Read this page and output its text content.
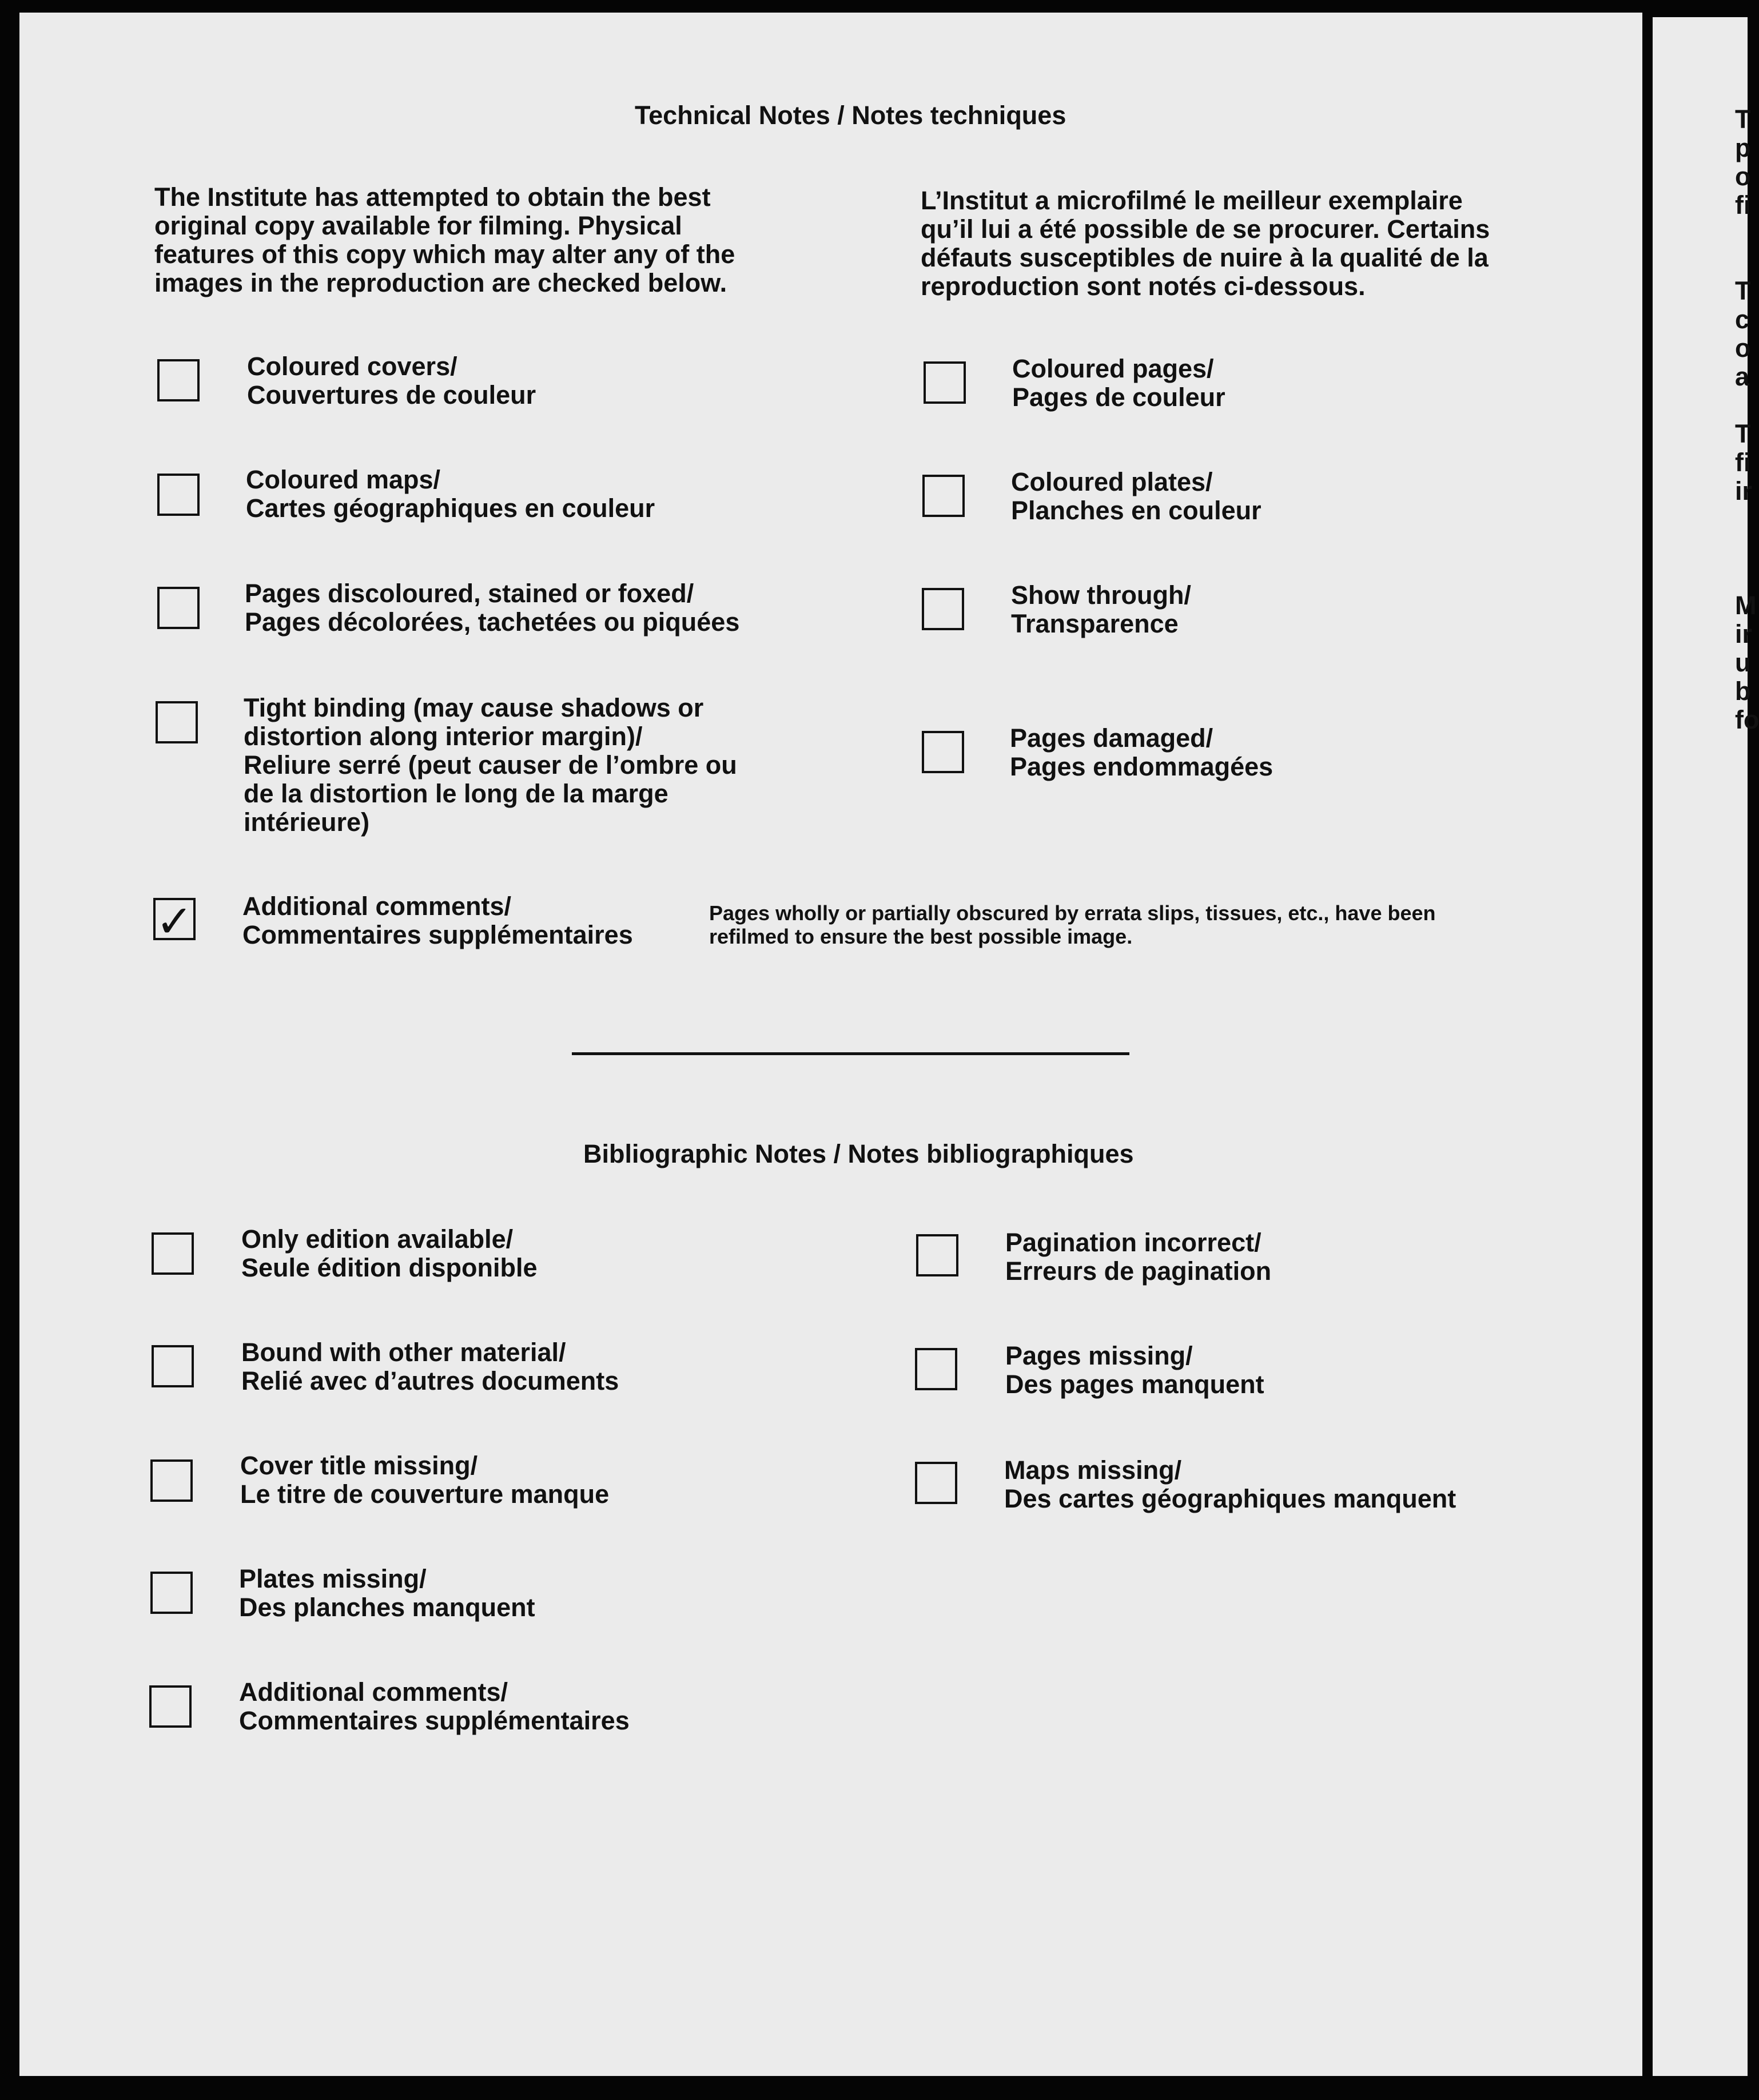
Technical Notes / Notes techniques
The Institute has attempted to obtain the best
original copy available for filming. Physical
features of this copy which may alter any of the
images in the reproduction are checked below.
L’Institut a microfilmé le meilleur exemplaire
qu’il lui a été possible de se procurer. Certains
défauts susceptibles de nuire à la qualité de la
reproduction sont notés ci-dessous.
Coloured covers/
Couvertures de couleur
Coloured pages/
Pages de couleur
Coloured maps/
Cartes géographiques en couleur
Coloured plates/
Planches en couleur
Pages discoloured, stained or foxed/
Pages décolorées, tachetées ou piquées
Show through/
Transparence
Tight binding (may cause shadows or
distortion along interior margin)/
Reliure serré (peut causer de l’ombre ou
de la distortion le long de la marge
intérieure)
Pages damaged/
Pages endommagées
✓ Additional comments/
Commentaires supplémentaires
Pages wholly or partially obscured by errata slips, tissues, etc., have been
refilmed to ensure the best possible image.
Bibliographic Notes / Notes bibliographiques
Only edition available/
Seule édition disponible
Pagination incorrect/
Erreurs de pagination
Bound with other material/
Relié avec d’autres documents
Pages missing/
Des pages manquent
Cover title missing/
Le titre de couverture manque
Maps missing/
Des cartes géographiques manquent
Plates missing/
Des planches manquent
Additional comments/
Commentaires supplémentaires
T
p
o
fi

T
c
o
a

T
fi
ir

M
ir
u
b
fo
